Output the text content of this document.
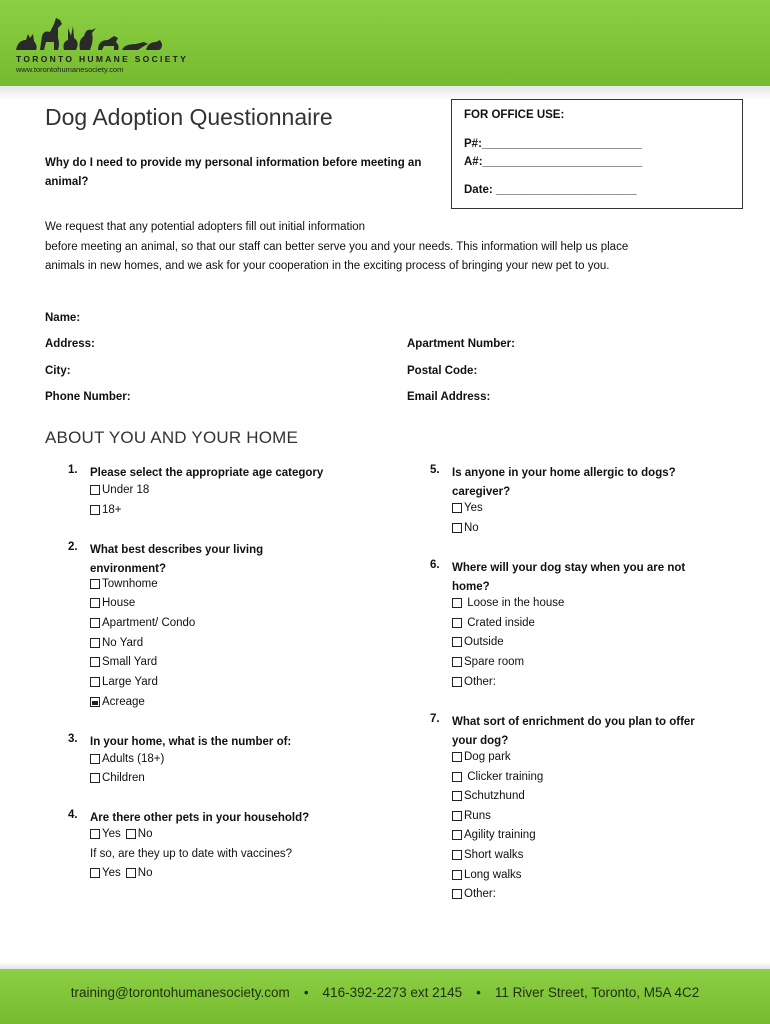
TORONTO HUMANE SOCIETY
www.torontohumanesociety.com
Dog Adoption Questionnaire
Why do I need to provide my personal information before meeting an animal?
FOR OFFICE USE:
P#:_________________________
A#:_________________________
Date: ______________________
We request that any potential adopters fill out initial information
before meeting an animal, so that our staff can better serve you and your needs. This information will help us place
animals in new homes, and we ask for your cooperation in the exciting process of bringing your new pet to you.
Name:
Address:	Apartment Number:
City:	Postal Code:
Phone Number:	Email Address:
ABOUT YOU AND YOUR HOME
1. Please select the appropriate age category
Under 18
18+
2. What best describes your living
environment?
Townhome
House
Apartment/ Condo
No Yard
Small Yard
Large Yard
Acreage
3. In your home, what is the number of:
Adults (18+)
Children
4. Are there other pets in your household?
Yes No
If so, are they up to date with vaccines?
Yes No
5. Is anyone in your home allergic to dogs?
caregiver?
Yes
No
6. Where will your dog stay when you are not
home?
Loose in the house
Crated inside
Outside
Spare room
Other:
7. What sort of enrichment do you plan to offer
your dog?
Dog park
Clicker training
Schutzhund
Runs
Agility training
Short walks
Long walks
Other:
training@torontohumanesociety.com • 416-392-2273 ext 2145 • 11 River Street, Toronto, M5A 4C2
